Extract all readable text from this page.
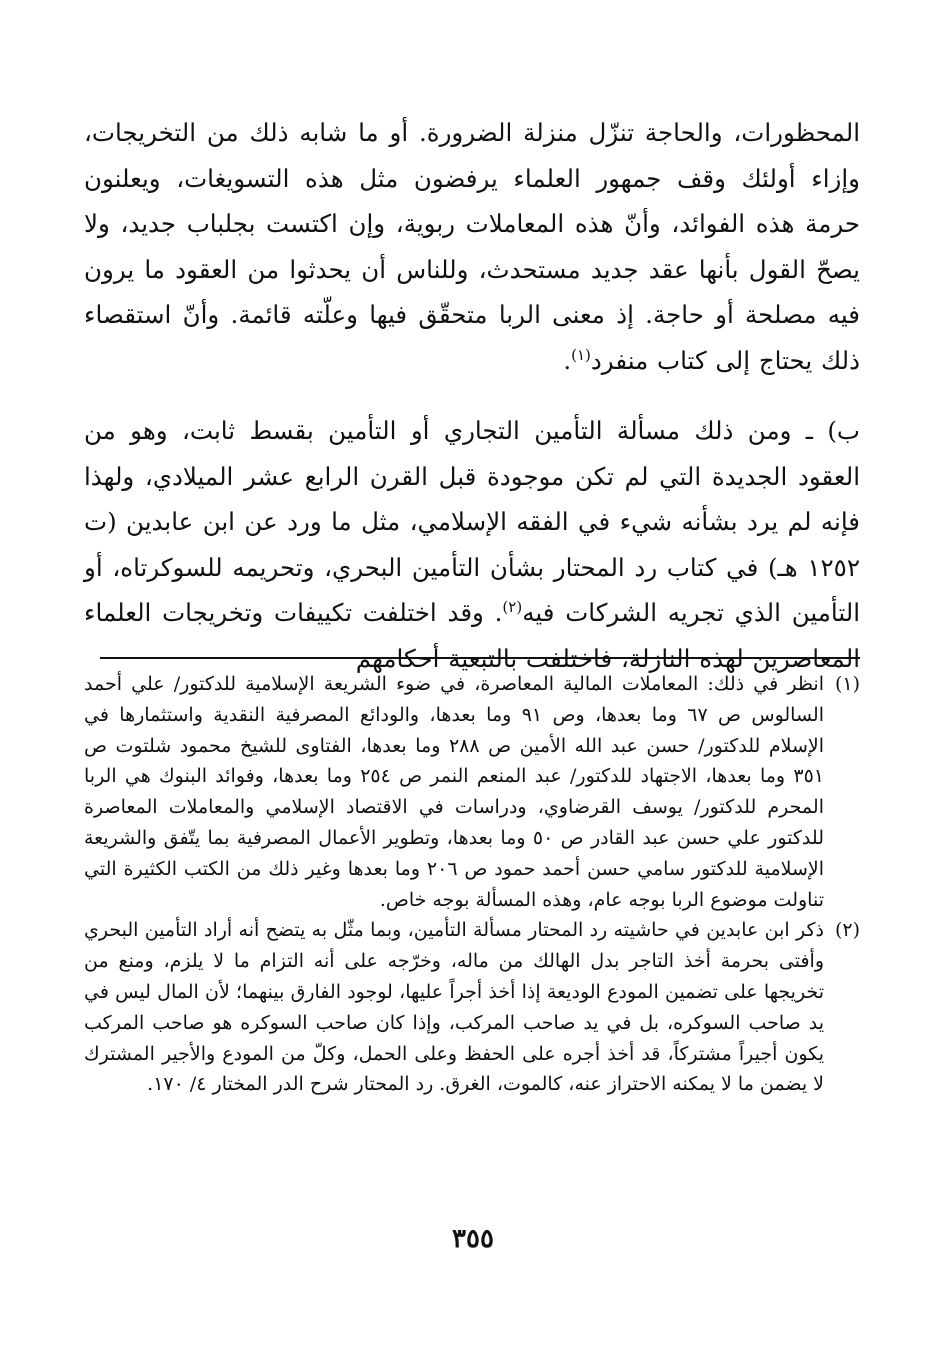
المحظورات، والحاجة تنزّل منزلة الضرورة. أو ما شابه ذلك من التخريجات، وإزاء أولئك وقف جمهور العلماء يرفضون مثل هذه التسويغات، ويعلنون حرمة هذه الفوائد، وأنّ هذه المعاملات ربوية، وإن اكتست بجلباب جديد، ولا يصحّ القول بأنها عقد جديد مستحدث، وللناس أن يحدثوا من العقود ما يرون فيه مصلحة أو حاجة. إذ معنى الربا متحقّق فيها وعلّته قائمة. وأنّ استقصاء ذلك يحتاج إلى كتاب منفرد$^{(١)}$.

ب) ـ ومن ذلك مسألة التأمين التجاري أو التأمين بقسط ثابت، وهو من العقود الجديدة التي لم تكن موجودة قبل القرن الرابع عشر الميلادي، ولهذا فإنه لم يرد بشأنه شيء في الفقه الإسلامي، مثل ما ورد عن ابن عابدين (ت ١٢٥٢ هـ) في كتاب رد المحتار بشأن التأمين البحري، وتحريمه للسوكرتاه، أو التأمين الذي تجريه الشركات فيه$^{(٢)}$. وقد اختلفت تكييفات وتخريجات العلماء المعاصرين لهذه النازلة، فاختلفت بالتبعية أحكامهم

(١)

انظر في ذلك: المعاملات المالية المعاصرة، في ضوء الشريعة الإسلامية للدكتور/ علي أحمد السالوس ص ٦٧ وما بعدها، وص ٩١ وما بعدها، والودائع المصرفية النقدية واستثمارها في الإسلام للدكتور/ حسن عبد الله الأمين ص ٢٨٨ وما بعدها، الفتاوى للشيخ محمود شلتوت ص ٣٥١ وما بعدها، الاجتهاد للدكتور/ عبد المنعم النمر ص ٢٥٤ وما بعدها، وفوائد البنوك هي الربا المحرم للدكتور/ يوسف القرضاوي، ودراسات في الاقتصاد الإسلامي والمعاملات المعاصرة للدكتور علي حسن عبد القادر ص ٥٠ وما بعدها، وتطوير الأعمال المصرفية بما يتّفق والشريعة الإسلامية للدكتور سامي حسن أحمد حمود ص ٢٠٦ وما بعدها وغير ذلك من الكتب الكثيرة التي تناولت موضوع الربا بوجه عام، وهذه المسألة بوجه خاص.

(٢)

ذكر ابن عابدين في حاشيته رد المحتار مسألة التأمين، وبما مثّل به يتضح أنه أراد التأمين البحري وأفتى بحرمة أخذ التاجر بدل الهالك من ماله، وخرّجه على أنه التزام ما لا يلزم، ومنع من تخريجها على تضمين المودع الوديعة إذا أخذ أجراً عليها، لوجود الفارق بينهما؛ لأن المال ليس في يد صاحب السوكره، بل في يد صاحب المركب، وإذا كان صاحب السوكره هو صاحب المركب يكون أجيراً مشتركاً، قد أخذ أجره على الحفظ وعلى الحمل، وكلّ من المودع والأجير المشترك لا يضمن ما لا يمكنه الاحتراز عنه، كالموت، الغرق. رد المحتار شرح الدر المختار ٤/ ١٧٠.

٣٥٥
